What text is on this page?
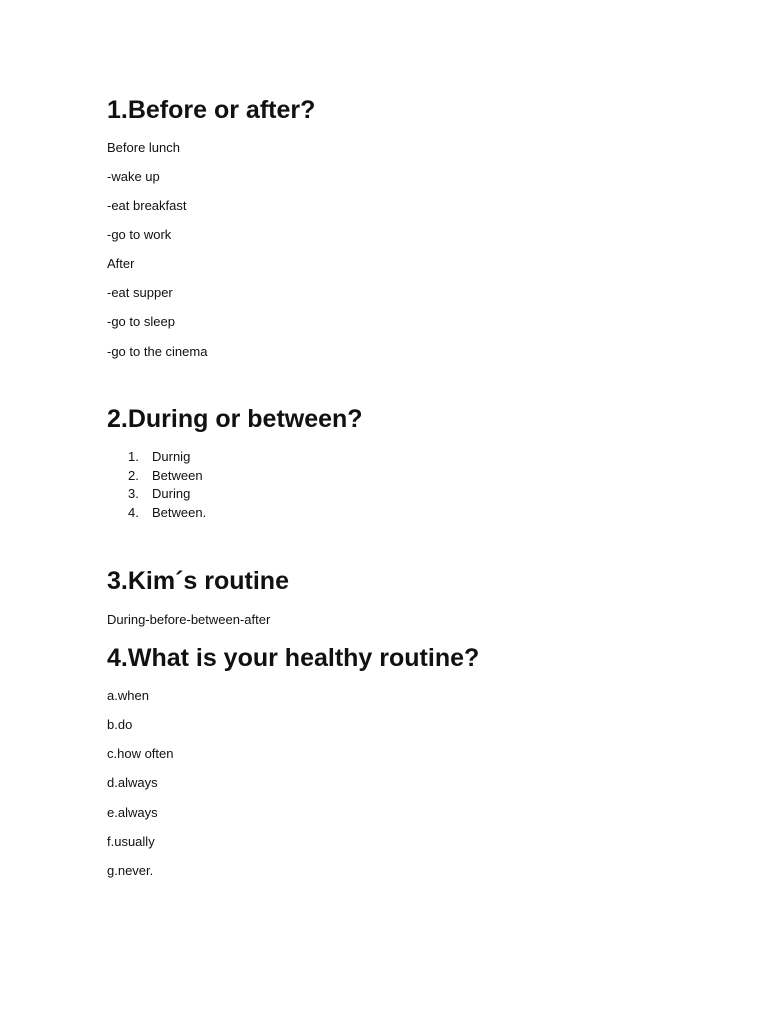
1.Before or after?

Before lunch

-wake up

-eat breakfast

-go to work

After

-eat supper

-go to sleep

-go to the cinema

2.During or between?
1. Durnig
2. Between
3. During
4. Between.
3.Kim´s routine

During-before-between-after

4.What is your healthy routine?

a.when

b.do

c.how often

d.always

e.always

f.usually

g.never.
